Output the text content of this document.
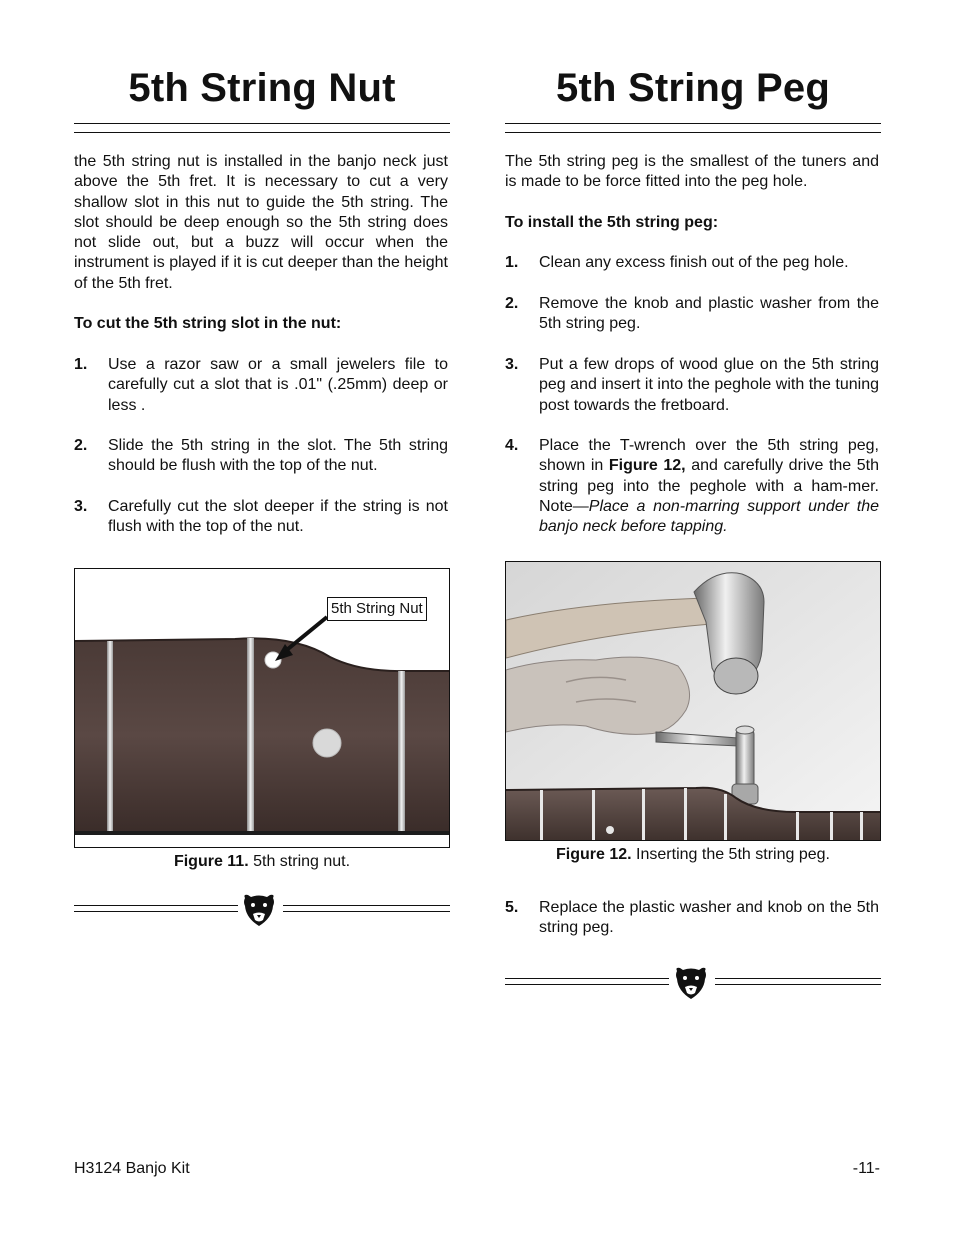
5th String Nut

the 5th string nut is installed in the banjo neck just above the 5th fret. It is necessary to cut a very shallow slot in this nut to guide the 5th string. The slot should be deep enough so the 5th string does not slide out, but a buzz will occur when the instrument is played if it is cut deeper than the height of the 5th fret.

To cut the 5th string slot in the nut:

1. Use a razor saw or a small jewelers file to carefully cut a slot that is .01" (.25mm) deep or less .
2. Slide the 5th string in the slot. The 5th string should be flush with the top of the nut.
3. Carefully cut the slot deeper if the string is not flush with the top of the nut.
5th String Nut
Figure 11. 5th string nut.
5th String Peg

The 5th string peg is the smallest of the tuners and is made to be force fitted into the peg hole.

To install the 5th string peg:

1. Clean any excess finish out of the peg hole.
2. Remove the knob and plastic washer from the 5th string peg.
3. Put a few drops of wood glue on the 5th string peg and insert it into the peghole with the tuning post towards the fretboard.
4. Place the T-wrench over the 5th string peg, shown in Figure 12, and carefully drive the 5th string peg into the peghole with a ham-mer. Note—Place a non-marring support under the banjo neck before tapping.
Figure 12. Inserting the 5th string peg.
5. Replace the plastic washer and knob on the 5th string peg.
H3124 Banjo Kit	-11-
